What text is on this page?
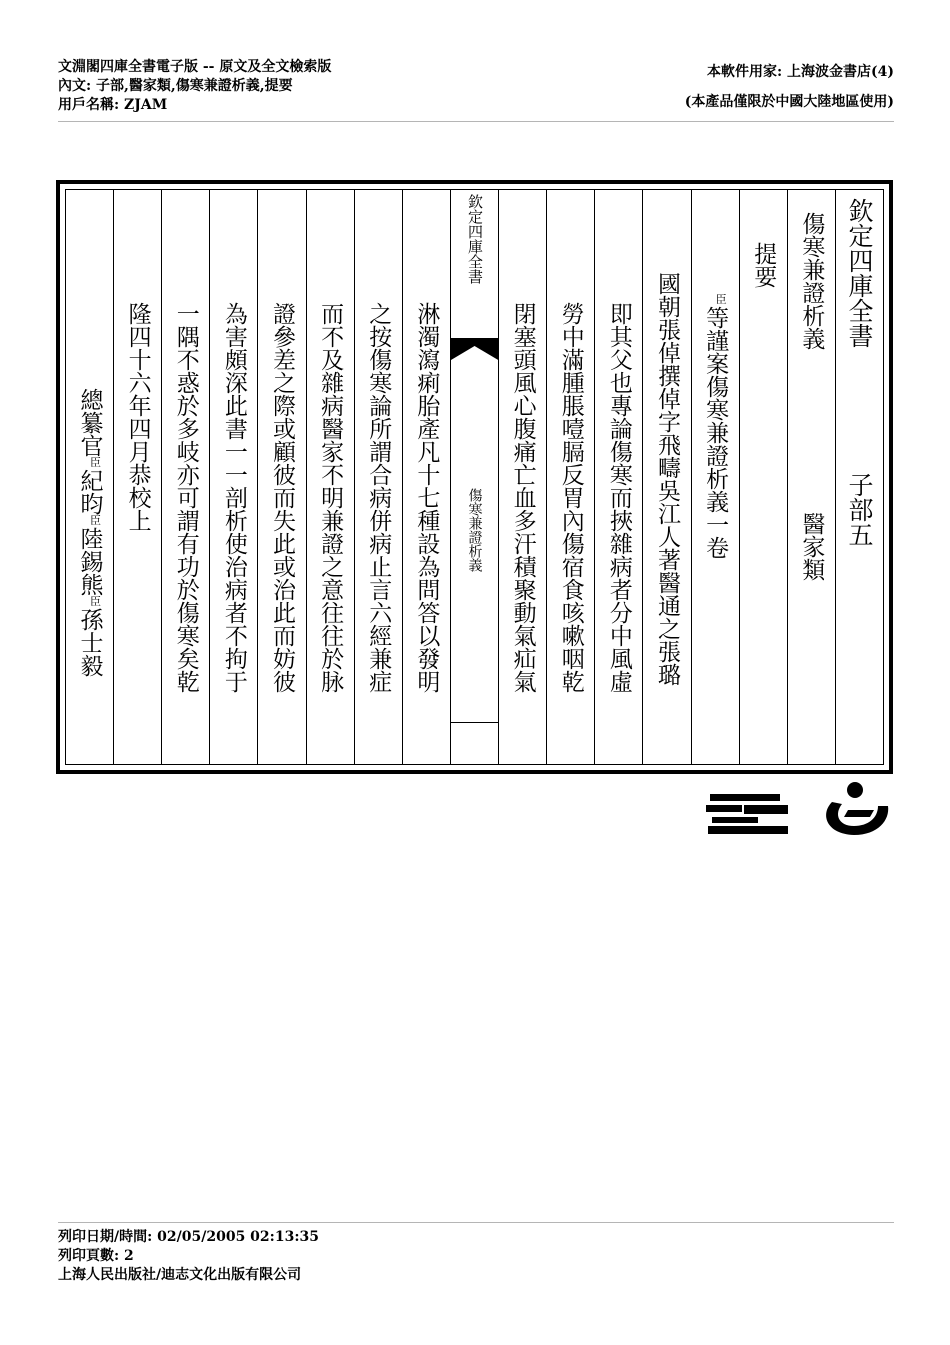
文淵閣四庫全書電子版 -- 原文及全文檢索版
內文: 子部,醫家類,傷寒兼證析義,提要
用戶名稱: ZJAM
本軟件用家: 上海波金書店(4)
(本產品僅限於中國大陸地區使用)
欽定四庫全書
子部五
傷寒兼證析義
醫家類
提要
臣等謹案傷寒兼證析義一卷
國朝張倬撰倬字飛疇吳江人著醫通之張璐
即其父也專論傷寒而挾雜病者分中風虛
勞中滿腫脹噎膈反胃內傷宿食咳嗽咽乾
閉塞頭風心腹痛亡血多汗積聚動氣疝氣
欽定四庫全書
傷寒兼證析義
淋濁瀉痢胎產凡十七種設為問答以發明
之按傷寒論所謂合病併病止言六經兼症
而不及雜病醫家不明兼證之意往往於脉
證參差之際或顧彼而失此或治此而妨彼
為害頗深此書一一剖析使治病者不拘于
一隅不惑於多岐亦可謂有功於傷寒矣乾
隆四十六年四月恭校上
總纂官臣紀昀臣陸錫熊臣孫士毅
列印日期/時間: 02/05/2005 02:13:35
列印頁數: 2
上海人民出版社/迪志文化出版有限公司
